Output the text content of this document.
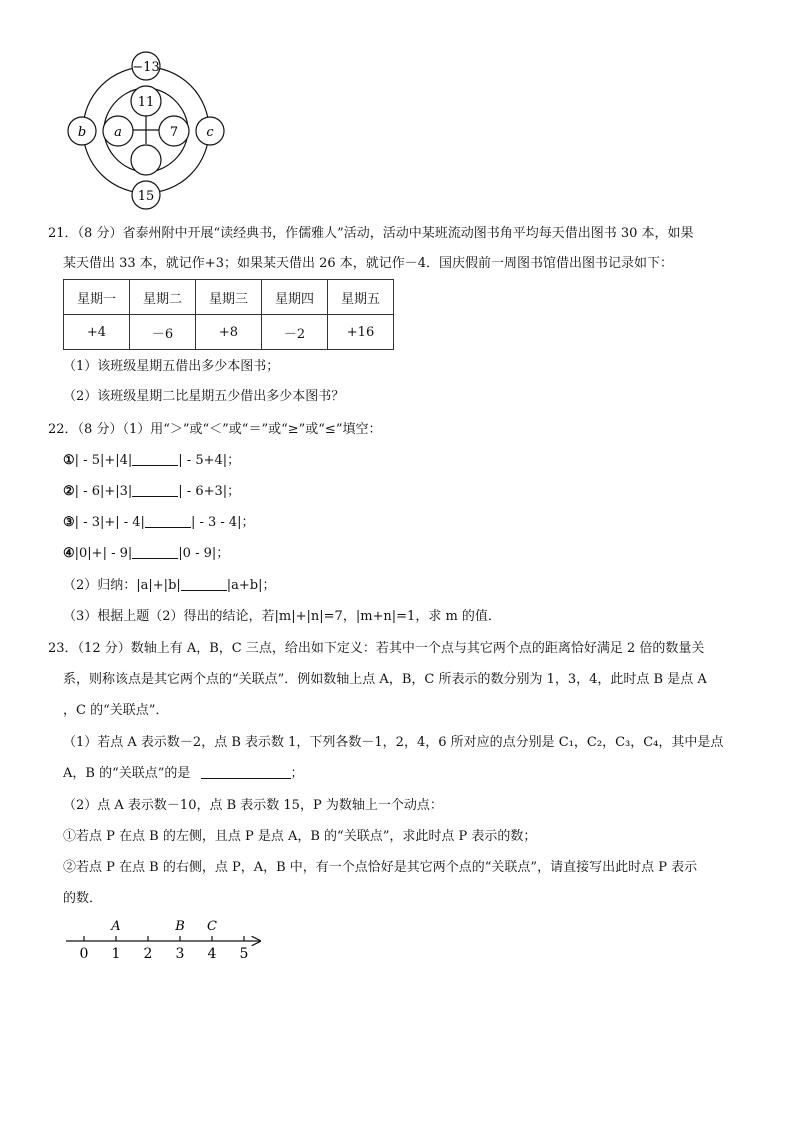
−13
11
b a	7 c
15
21．（8 分）省泰州附中开展“读经典书，作儒雅人”活动，活动中某班流动图书角平均每天借出图书 30 本，如果
某天借出 33 本，就记作+3；如果某天借出 26 本，就记作－4．国庆假前一周图书馆借出图书记录如下：
星期一	星期二	星期三	星期四	星期五
+4	－6	+8	－2	+16
（1）该班级星期五借出多少本图书；
（2）该班级星期二比星期五少借出多少本图书？
22．（8 分）（1）用“＞”或“＜”或“＝”或“≥”或“≤”填空：
①| - 5|+|4|	| - 5+4|；
②| - 6|+|3|	| - 6+3|；
③| - 3|+| - 4|	| - 3 - 4|；
④|0|+| - 9|	|0 - 9|；
（2）归纳：|a|+|b|	|a+b|；
（3）根据上题（2）得出的结论，若|m|+|n|=7，|m+n|=1，求 m 的值．
23．（12 分）数轴上有 A，B，C 三点，给出如下定义：若其中一个点与其它两个点的距离恰好满足 2 倍的数量关
系，则称该点是其它两个点的“关联点”．例如数轴上点 A，B，C 所表示的数分别为 1，3，4，此时点 B 是点 A
，C 的“关联点”．
（1）若点 A 表示数－2，点 B 表示数 1，下列各数－1，2，4，6 所对应的点分别是 C₁，C₂，C₃，C₄，其中是点
A，B 的“关联点”的是	；
（2）点 A 表示数－10，点 B 表示数 15，P 为数轴上一个动点：
①若点 P 在点 B 的左侧，且点 P 是点 A，B 的“关联点”，求此时点 P 表示的数；
②若点 P 在点 B 的右侧，点 P，A，B 中，有一个点恰好是其它两个点的“关联点”，请直接写出此时点 P 表示
的数．
0 1 2 3 4 5
A	B C
